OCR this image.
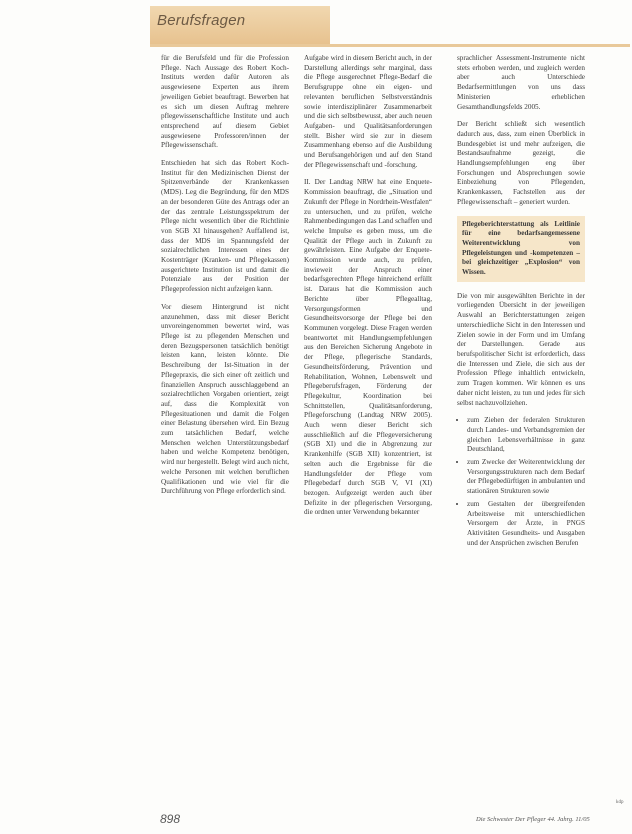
Berufsfragen

für die Berufsfeld und für die Profession Pflege. Nach Aussage des Robert Koch-Instituts werden dafür Autoren als ausgewiesene Experten aus ihrem jeweiligen Gebiet beauftragt. Bewerben hat es sich um diesen Auftrag mehrere pflegewissenschaftliche Institute und auch entsprechend auf diesem Gebiet ausgewiesene Professoren/innen der Pflegewissenschaft.

Entschieden hat sich das Robert Koch-Institut für den Medizinischen Dienst der Spitzenverbände der Krankenkassen (MDS). Leg die Begründung, für den MDS an der besonderen Güte des Antrags oder an der das zentrale Leistungsspektrum der Pflege nicht wesentlich über die Richtlinie von SGB XI hinausgehen? Auffallend ist, dass der MDS im Spannungsfeld der sozialrechtlichen Interessen eines der Kostenträger (Kranken- und Pflegekassen) ausgerichtete Institution ist und damit die Potenziale aus der Position der Pflegeprofession nicht aufzeigen kann.

Vor diesem Hintergrund ist nicht anzunehmen, dass mit dieser Bericht unvoreingenommen bewertet wird, was Pflege ist zu pflegenden Menschen und deren Bezugspersonen tatsächlich benötigt leisten kann, leisten könnte. Die Beschreibung der Ist-Situation in der Pflegepraxis, die sich einer oft zeitlich und finanziellen Anspruch ausschlaggebend an sozialrechtlichen Vorgaben orientiert, zeigt auf, dass die Komplexität von Pflegesituationen und damit die Folgen einer Belastung übersehen wird. Ein Bezug zum tatsächlichen Bedarf, welche Menschen welchen Unterstützungsbedarf haben und welche Kompetenz benötigen, wird nur hergestellt. Belegt wird auch nicht, welche Personen mit welchen beruflichen Qualifikationen und wie viel für die Durchführung von Pflege erforderlich sind.

Aufgabe wird in diesem Bericht auch, in der Darstellung allerdings sehr marginal, dass die Pflege ausgerechnet Pflege-Bedarf die Berufsgruppe ohne ein eigen- und relevanten beruflichen Selbstverständnis sowie interdisziplinärer Zusammenarbeit und die sich selbstbewusst, aber auch neuen Aufgaben- und Qualitätsanforderungen stellt. Bisher wird sie zur in diesem Zusammenhang ebenso auf die Ausbildung und Berufsangehörigen und auf den Stand der Pflegewissenschaft und -forschung.

II. Der Landtag NRW hat eine Enquete-Kommission beauftragt, die „Situation und Zukunft der Pflege in Nordrhein-Westfalen“ zu untersuchen, und zu prüfen, welche Rahmenbedingungen das Land schaffen und welche Impulse es geben muss, um die Qualität der Pflege auch in Zukunft zu gewährleisten. Eine Aufgabe der Enquete-Kommission wurde auch, zu prüfen, inwieweit der Anspruch einer bedarfsgerechten Pflege hinreichend erfüllt ist. Daraus hat die Kommission auch Berichte über Pflegealltag, Versorgungsformen und Gesundheitsvorsorge der Pflege bei den Kommunen vorgelegt. Diese Fragen werden beantwortet mit Handlungsempfehlungen aus den Bereichen Sicherung Angebote in der Pflege, pflegerische Standards, Gesundheitsförderung, Prävention und Rehabilitation, Wohnen, Lebenswelt und Pflegeberufsfragen, Förderung der Pflegekultur, Koordination bei Schnittstellen, Qualitätsanforderung, Pflegeforschung (Landtag NRW 2005). Auch wenn dieser Bericht sich ausschließlich auf die Pflegeversicherung (SGB XI) und die in Abgrenzung zur Krankenhilfe (SGB XII) konzentriert, ist selten auch die Ergebnisse für die Handlungsfelder der Pflege vom Pflegebedarf durch SGB V, VI (XI) bezogen. Aufgezeigt werden auch über Defizite in der pflegerischen Versorgung, die ordnen unter Verwendung bekannter

sprachlicher Assessment-Instrumente nicht stets erhoben werden, und zugleich werden aber auch Unterschiede Bedarfsermittlungen von uns dass Ministerien erheblichen Gesamthandlungsfelds 2005.

Der Bericht schließt sich wesentlich dadurch aus, dass, zum einen Überblick in Bundesgebiet ist und mehr aufzeigen, die Bestandsaufnahme gezeigt, die Handlungsempfehlungen eng über Forschungen und Absprechungen sowie Einbeziehung von Pflegenden, Krankenkassen, Fachstellen aus der Pflegewissenschaft – generiert wurden.

Pflegeberichterstattung als Leitlinie für eine bedarfsangemessene Weiterentwicklung von Pflegeleistungen und -kompetenzen – bei gleichzeitiger „Explosion“ von Wissen.

Die von mir ausgewählten Berichte in der vorliegenden Übersicht in der jeweiligen Auswahl an Berichterstattungen zeigen unterschiedliche Sicht in den Interessen und Zielen sowie in der Form und im Umfang der Darstellungen. Gerade aus berufspolitischer Sicht ist erforderlich, dass die Interessen und Ziele, die sich aus der Profession Pflege inhaltlich entwickeln, zum Tragen kommen. Wir können es uns daher nicht leisten, zu tun und jedes für sich selbst nachzuvollziehen.

• zum Ziehen der federalen Strukturen durch Landes- und Verbandsgremien der gleichen Lebensverhältnisse in ganz Deutschland,
• zum Zwecke der Weiterentwicklung der Versorgungsstrukturen nach dem Bedarf der Pflegebedürftigen in ambulanten und stationären Strukturen sowie
• zum Gestalten der übergreifenden Arbeitsweise mit unterschiedlichen Versorgern der Ärzte, in PNGS Aktivitäten Gesundheits- und Ausgaben und der Ansprüchen zwischen Berufen
898	Die Schwester Der Pfleger 44. Jahrg. 11/05
kdp
